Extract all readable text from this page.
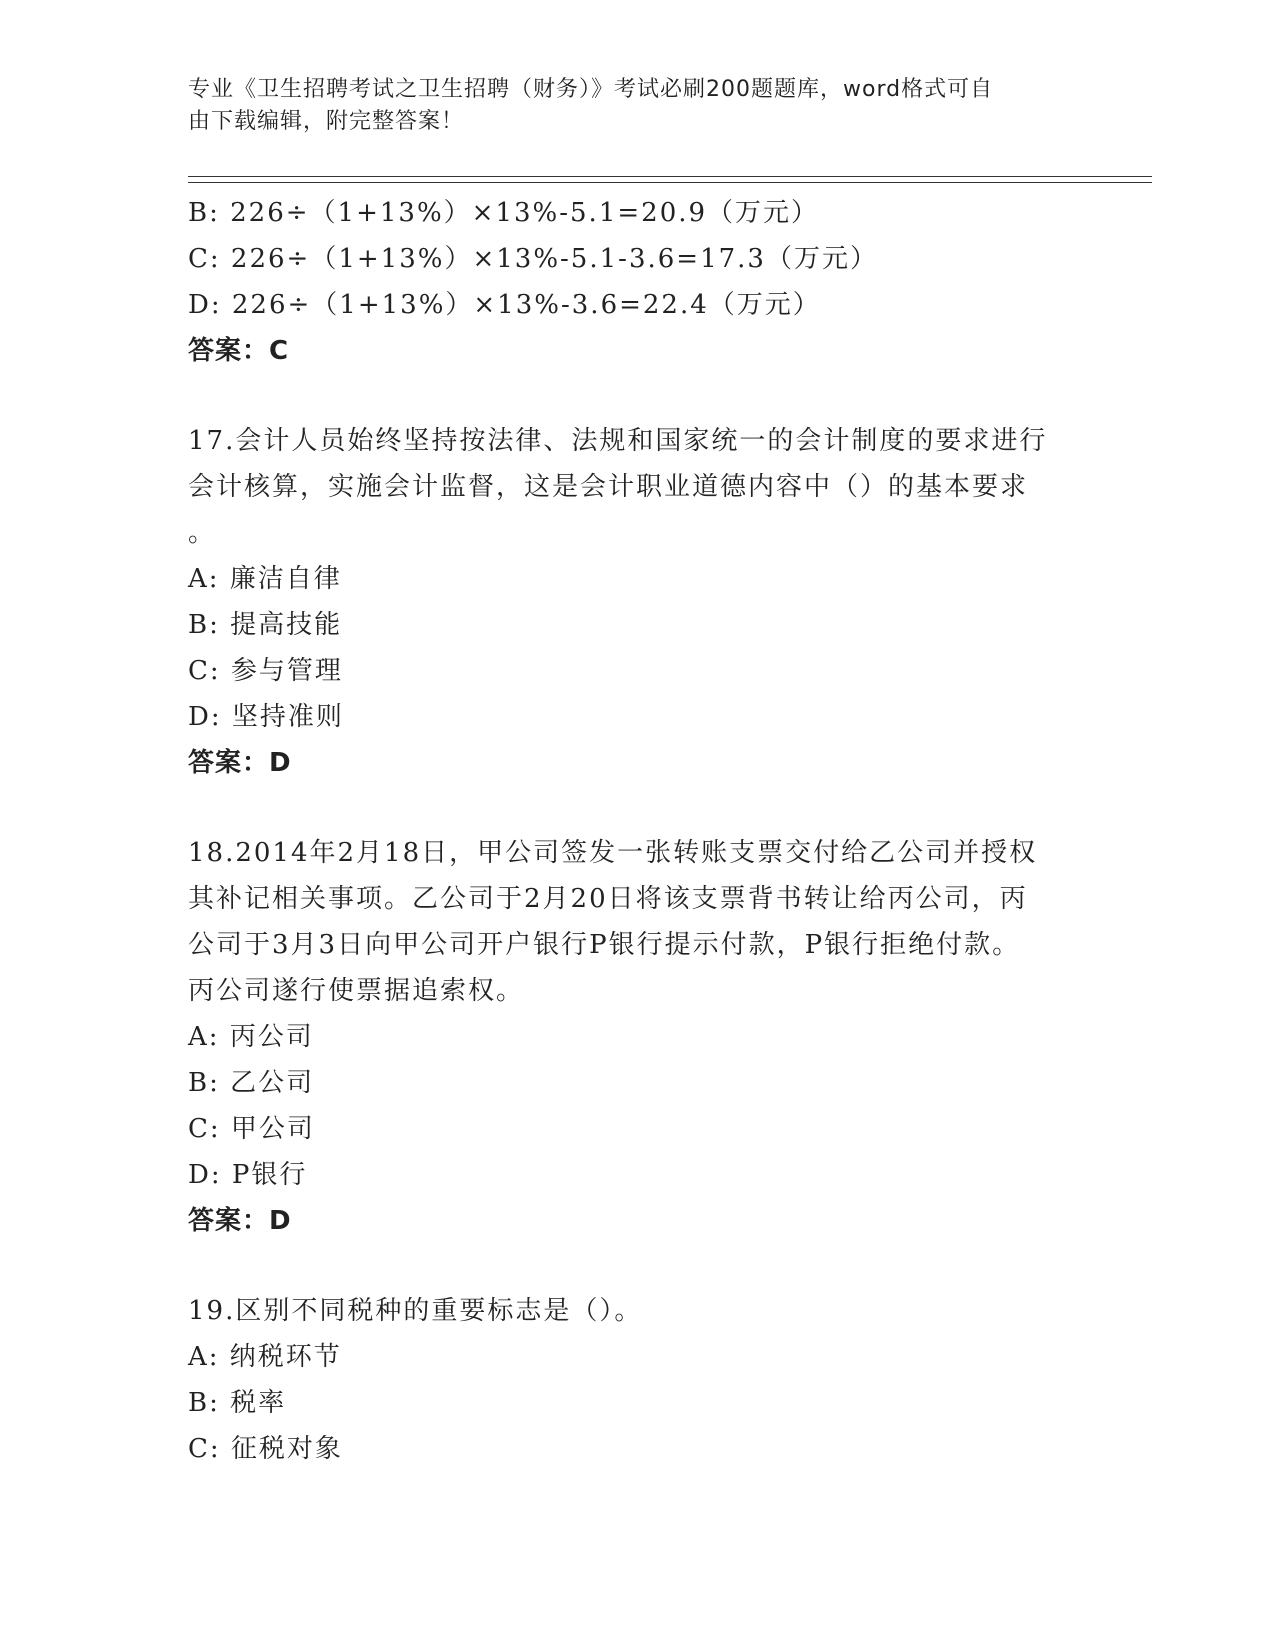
专业《卫生招聘考试之卫生招聘（财务）》考试必刷200题题库，word格式可自
由下载编辑，附完整答案！
B: 226÷（1+13%）×13%-5.1=20.9（万元）
C: 226÷（1+13%）×13%-5.1-3.6=17.3（万元）
D: 226÷（1+13%）×13%-3.6=22.4（万元）
答案：C
17.会计人员始终坚持按法律、法规和国家统一的会计制度的要求进行
会计核算，实施会计监督，这是会计职业道德内容中（）的基本要求
。
A: 廉洁自律
B: 提高技能
C: 参与管理
D: 坚持准则
答案：D
18.2014年2月18日，甲公司签发一张转账支票交付给乙公司并授权
其补记相关事项。乙公司于2月20日将该支票背书转让给丙公司，丙
公司于3月3日向甲公司开户银行P银行提示付款，P银行拒绝付款。
丙公司遂行使票据追索权。
A: 丙公司
B: 乙公司
C: 甲公司
D: P银行
答案：D
19.区别不同税种的重要标志是（）。
A: 纳税环节
B: 税率
C: 征税对象
